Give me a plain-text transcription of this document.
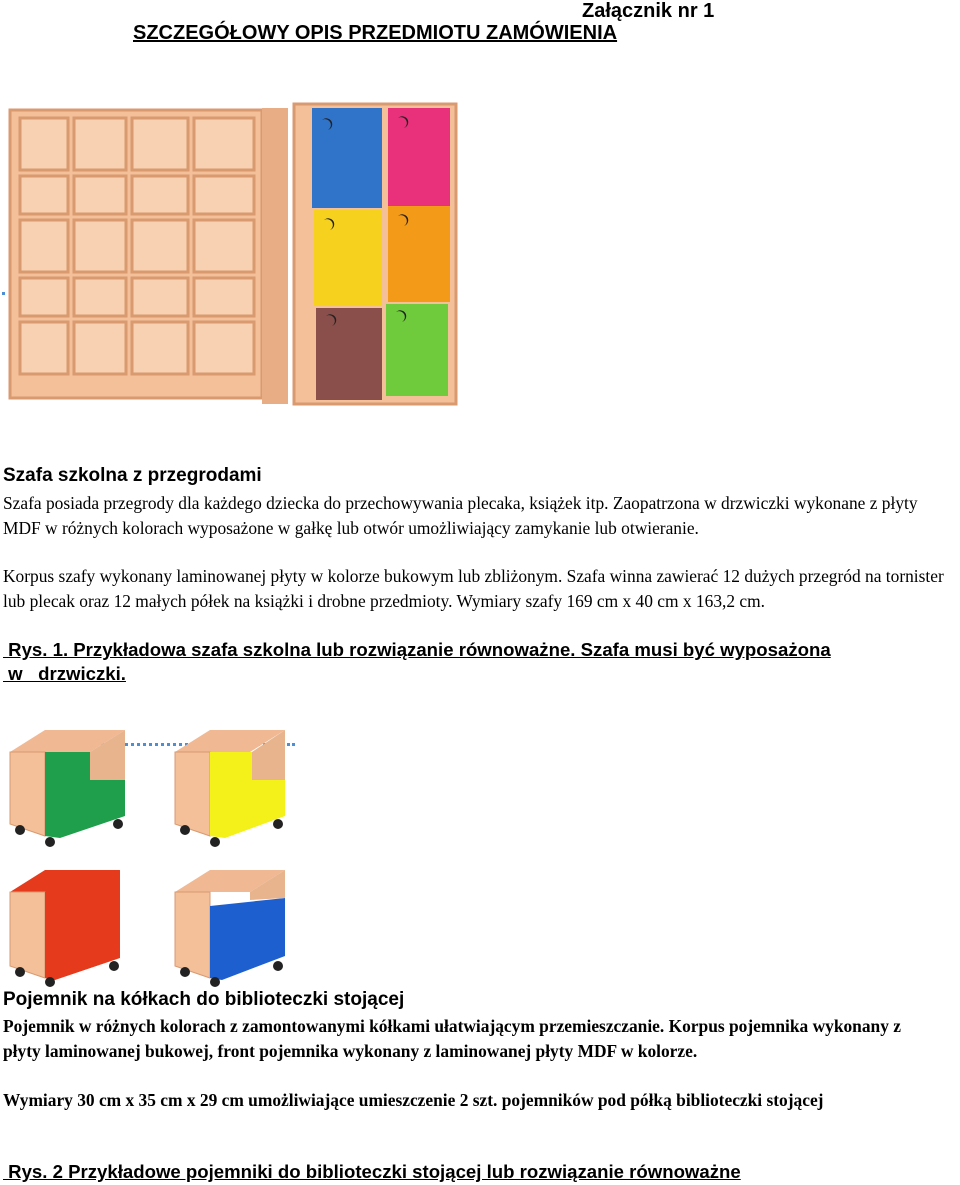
Załącznik nr 1
SZCZEGÓŁOWY OPIS PRZEDMIOTU ZAMÓWIENIA
Szafa szkolna z przegrodami
Szafa posiada przegrody dla każdego dziecka do przechowywania plecaka, książek itp. Zaopatrzona w drzwiczki wykonane z płyty MDF w różnych kolorach wyposażone w gałkę lub otwór umożliwiający zamykanie lub otwieranie.
Korpus szafy wykonany laminowanej płyty w kolorze bukowym lub zbliżonym. Szafa winna zawierać 12 dużych przegród na tornister lub plecak oraz 12 małych półek na książki i drobne przedmioty. Wymiary szafy 169 cm x 40 cm x 163,2 cm.
Rys. 1. Przykładowa szafa szkolna lub rozwiązanie równoważne. Szafa musi być wyposażona
w   drzwiczki.
Pojemnik na kółkach do biblioteczki stojącej
Pojemnik w różnych kolorach z zamontowanymi kółkami ułatwiającym przemieszczanie. Korpus pojemnika wykonany z płyty laminowanej bukowej, front pojemnika wykonany z laminowanej płyty MDF w kolorze.
Wymiary 30 cm x 35 cm x 29 cm umożliwiające umieszczenie 2 szt. pojemników pod półką biblioteczki stojącej
Rys. 2 Przykładowe pojemniki do biblioteczki stojącej lub rozwiązanie równoważne
